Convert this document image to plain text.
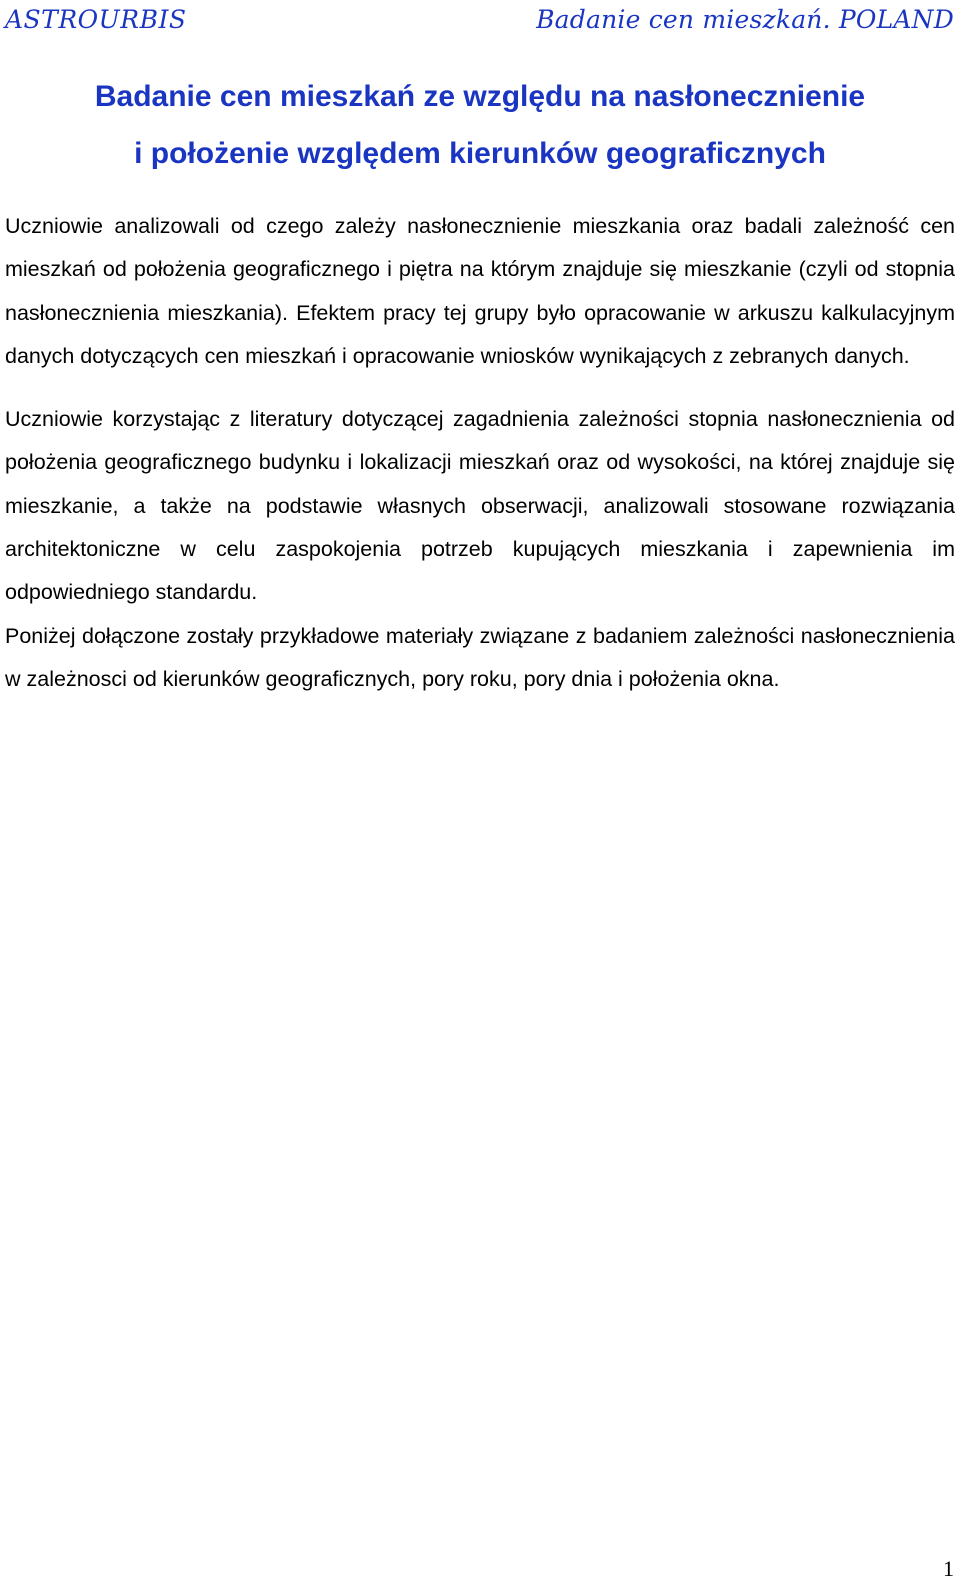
ASTROURBIS	Badanie cen mieszkań. POLAND
Badanie cen mieszkań ze względu na nasłonecznienie
i położenie względem kierunków geograficznych

Uczniowie analizowali od czego zależy nasłonecznienie mieszkania oraz badali zależność cen mieszkań od położenia geograficznego i piętra na którym znajduje się mieszkanie (czyli od stopnia nasłonecznienia mieszkania). Efektem pracy tej grupy było opracowanie w arkuszu kalkulacyjnym danych dotyczących cen mieszkań i opracowanie wniosków wynikających z zebranych danych.

Uczniowie korzystając z literatury dotyczącej zagadnienia zależności stopnia nasłonecznienia od położenia geograficznego budynku i lokalizacji mieszkań oraz od wysokości, na której znajduje się mieszkanie, a także na podstawie własnych obserwacji, analizowali stosowane rozwiązania architektoniczne w celu zaspokojenia potrzeb kupujących mieszkania i zapewnienia im odpowiedniego standardu.

Poniżej dołączone zostały przykładowe materiały związane z badaniem zależności nasłonecznienia w zależnosci od kierunków geograficznych, pory roku, pory dnia i położenia okna.

1
